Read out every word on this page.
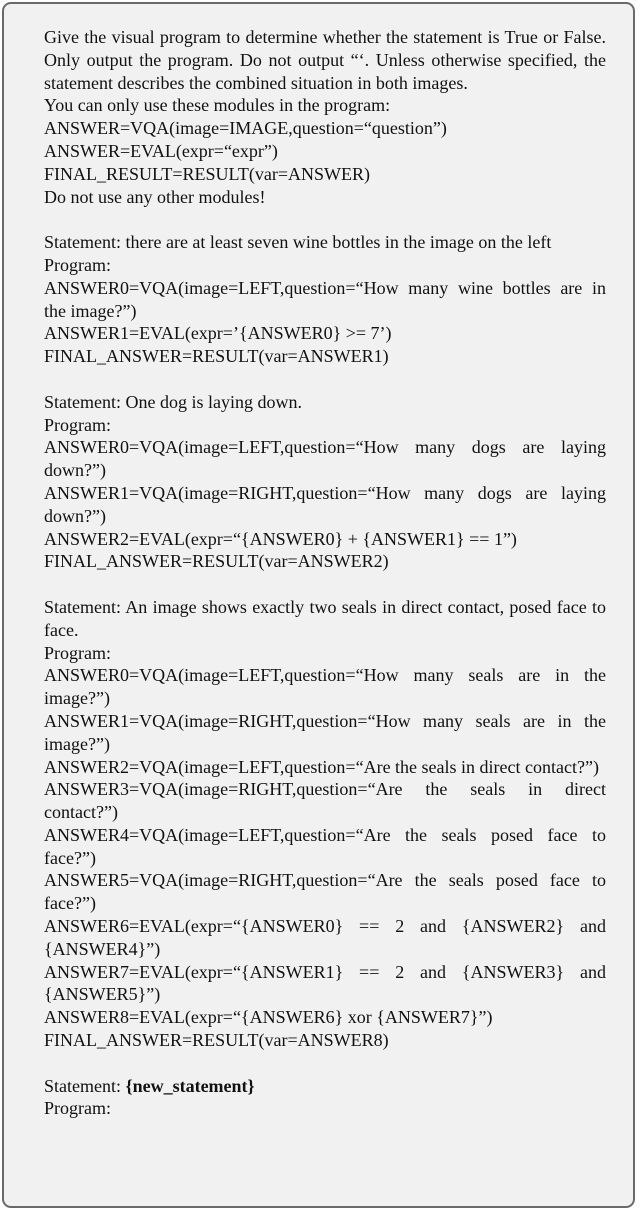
Give the visual program to determine whether the statement is True or False. Only output the program. Do not output “‘. Unless otherwise specified, the statement describes the combined situation in both images.

You can only use these modules in the program:

ANSWER=VQA(image=IMAGE,question=“question”)
ANSWER=EVAL(expr=“expr”)
FINAL_RESULT=RESULT(var=ANSWER)

Do not use any other modules!

Statement: there are at least seven wine bottles in the image on the left

Program:

ANSWER0=VQA(image=LEFT,question=“How many wine bottles are in the image?”)

ANSWER1=EVAL(expr=’{ANSWER0} >= 7’)

FINAL_ANSWER=RESULT(var=ANSWER1)

Statement: One dog is laying down.

Program:

ANSWER0=VQA(image=LEFT,question=“How many dogs are laying down?”)

ANSWER1=VQA(image=RIGHT,question=“How many dogs are laying down?”)

ANSWER2=EVAL(expr=“{ANSWER0} + {ANSWER1} == 1”)

FINAL_ANSWER=RESULT(var=ANSWER2)

Statement: An image shows exactly two seals in direct contact, posed face to face.

Program:

ANSWER0=VQA(image=LEFT,question=“How many seals are in the image?”)

ANSWER1=VQA(image=RIGHT,question=“How many seals are in the image?”)

ANSWER2=VQA(image=LEFT,question=“Are the seals in direct contact?”)

ANSWER3=VQA(image=RIGHT,question=“Are the seals in direct contact?”)

ANSWER4=VQA(image=LEFT,question=“Are the seals posed face to face?”)

ANSWER5=VQA(image=RIGHT,question=“Are the seals posed face to face?”)

ANSWER6=EVAL(expr=“{ANSWER0} == 2 and {ANSWER2} and {ANSWER4}”)

ANSWER7=EVAL(expr=“{ANSWER1} == 2 and {ANSWER3} and {ANSWER5}”)

ANSWER8=EVAL(expr=“{ANSWER6} xor {ANSWER7}”)

FINAL_ANSWER=RESULT(var=ANSWER8)

Statement: {new_statement}

Program:
